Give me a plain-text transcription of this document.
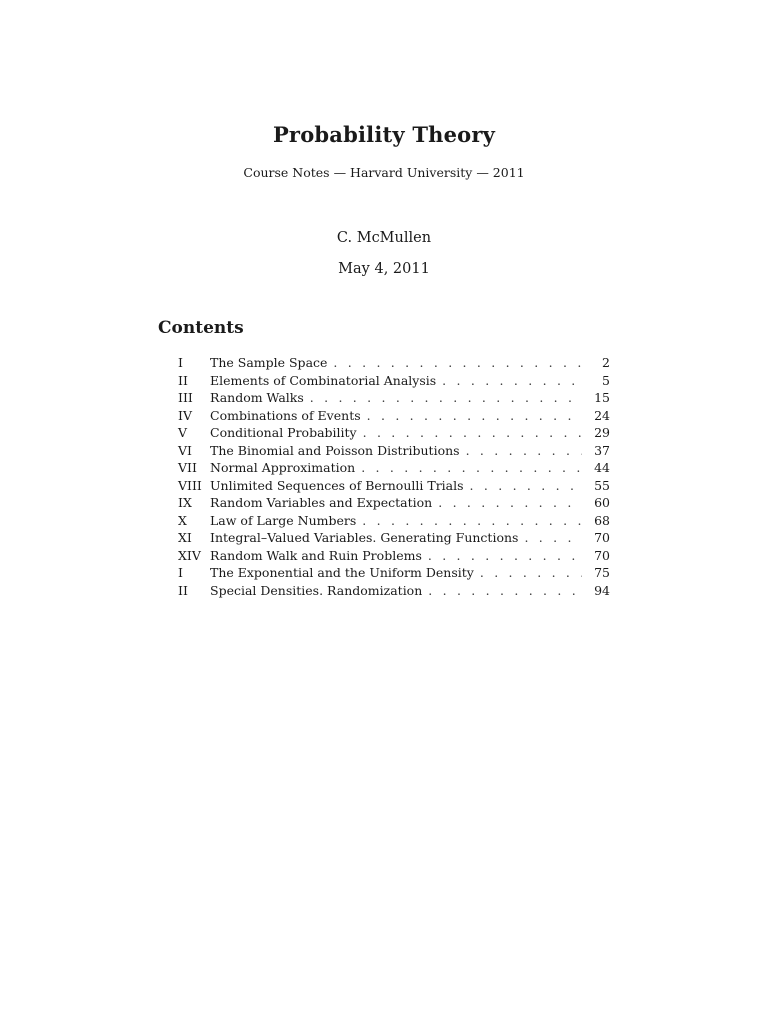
Probability Theory
Course Notes — Harvard University — 2011
C. McMullen
May 4, 2011
Contents
I	The Sample Space . . .	2
II	Elements of Combinatorial Analysis . . .	5
III	Random Walks . . .	15
IV	Combinations of Events . . .	24
V	Conditional Probability . . .	29
VI	The Binomial and Poisson Distributions . . .	37
VII	Normal Approximation . . .	44
VIII Unlimited Sequences of Bernoulli Trials . . .	55
IX	Random Variables and Expectation . . .	60
X	Law of Large Numbers . . .	68
XI	Integral–Valued Variables. Generating Functions . . .	70
XIV Random Walk and Ruin Problems . . .	70
I	The Exponential and the Uniform Density . . .	75
II	Special Densities. Randomization . . .	94
